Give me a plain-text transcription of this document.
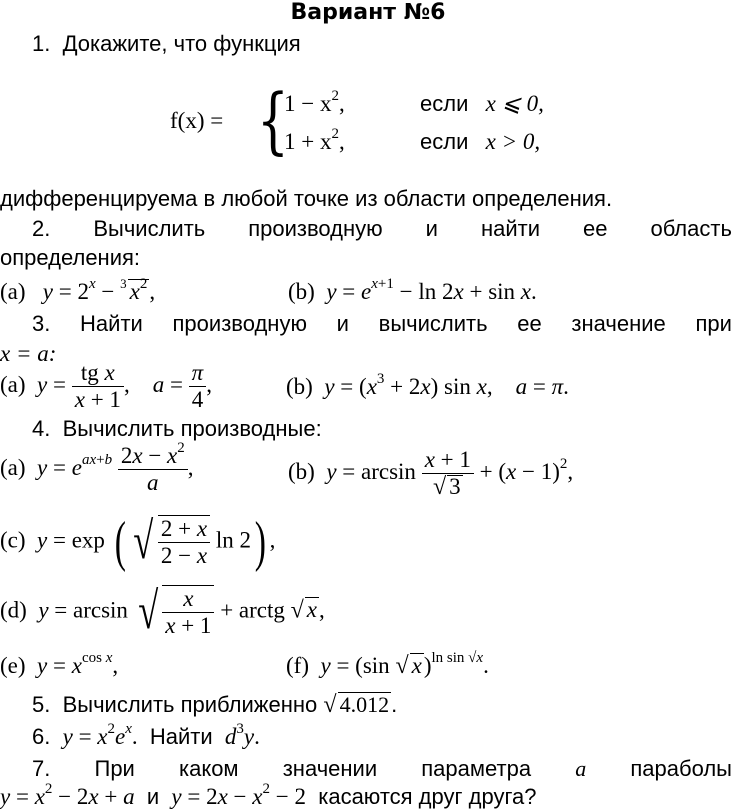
Вариант №6
1. Докажите, что функция
f(x) = {
$1 - x^2$,	если x ⩽ 0,
$1 + x^2$,	если x > 0,
дифференцируема в любой точке из области определения.
2. Вычислить производную и найти ее область
определения:
(a) $y = 2^x - ^3$ $x^2$,	(b) $y = e^{x+1} - \ln 2x + \sin x$.
3. Найти производную и вычислить ее значение при
x = a:
(a) $y = \frac{\text{tg x}}{x + 1}$ ,    $a = \frac{\pi}{4}$ ,	(b) $y = (x^3 + 2x)$ sin x,    a = π.
4. Вычислить производные:
(a) $y = e^{ax+b} \frac{2x - x^2}{a}$ ,	(b) $y = \arcsin \frac{x + 1}{√ 3} + (x - 1)^2$,
(c) y = exp ( √ $\frac{2 + x}{2 - x}$ ln 2) ,
(d) y = arcsin √ $\frac{x}{x + 1}$ + arctg √ x,
(e) $y = x^{cos x}$,	(f) y = (sin √ x)$^{ln sin √x}$.
5. Вычислить приближенно √ 4.012.
6. $y = x^2e^x$. Найти $d^3y$.
7. При каком значении параметра a параболы
$y = x^2 - 2x + a$ и $y = 2x - x^2 - 2$ касаются друг друга?
